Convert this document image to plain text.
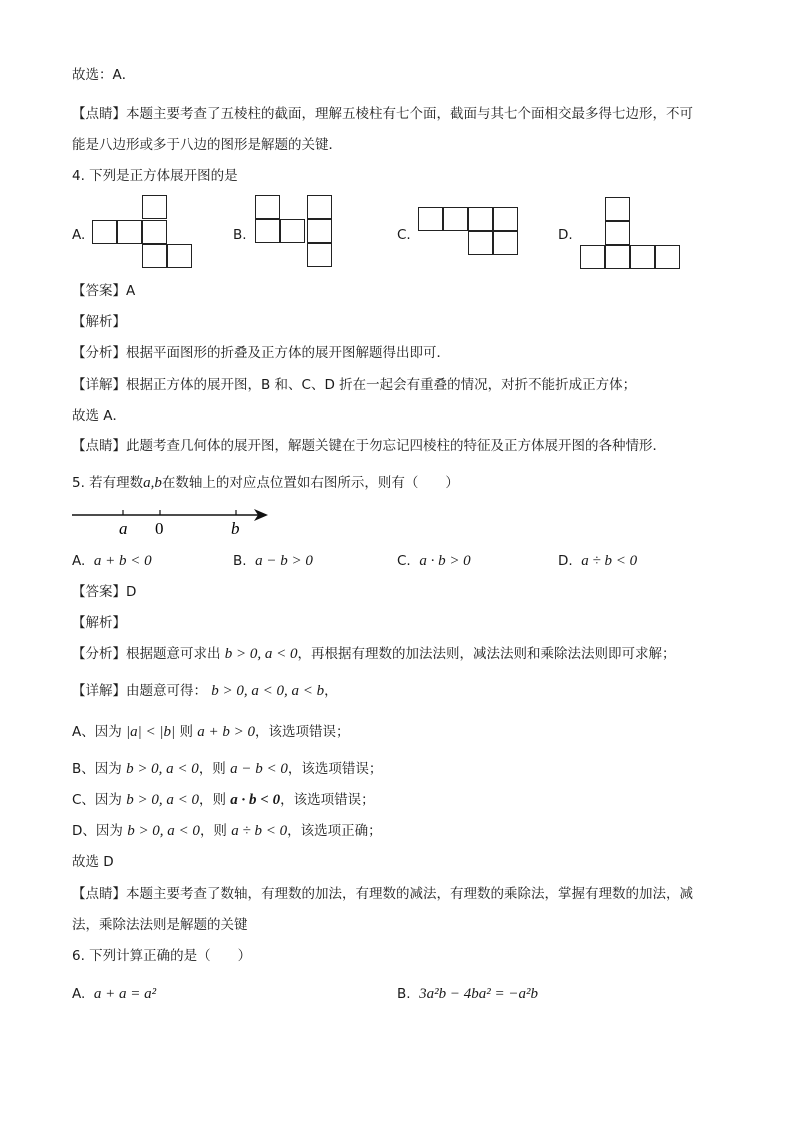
故选：A．
【点睛】本题主要考查了五棱柱的截面，理解五棱柱有七个面，截面与其七个面相交最多得七边形，不可
能是八边形或多于八边的图形是解题的关键．
4. 下列是正方体展开图的是
A.	B.	C.	D.
【答案】A
【解析】
【分析】根据平面图形的折叠及正方体的展开图解题得出即可．
【详解】根据正方体的展开图，B 和、C、D 折在一起会有重叠的情况，对折不能折成正方体；
故选 A．
【点睛】此题考查几何体的展开图，解题关键在于勿忘记四棱柱的特征及正方体展开图的各种情形．
5. 若有理数a,b在数轴上的对应点位置如右图所示，则有（　　）
a 0	b
A. a + b < 0	B. a − b > 0	C. a · b > 0	D. a ÷ b < 0
【答案】D
【解析】
【分析】根据题意可求出 b > 0, a < 0，再根据有理数的加法法则，减法法则和乘除法法则即可求解；
【详解】由题意可得： b > 0, a < 0, a < b，
A、因为 |a| < |b| 则 a + b > 0，该选项错误；
B、因为 b > 0, a < 0，则 a − b < 0，该选项错误；
C、因为 b > 0, a < 0，则 a · b < 0，该选项错误；
D、因为 b > 0, a < 0，则 a ÷ b < 0，该选项正确；
故选 D
【点睛】本题主要考查了数轴，有理数的加法，有理数的减法，有理数的乘除法，掌握有理数的加法，减
法，乘除法法则是解题的关键
6. 下列计算正确的是（　　）
A. a + a = a²	B. 3a²b − 4ba² = −a²b
